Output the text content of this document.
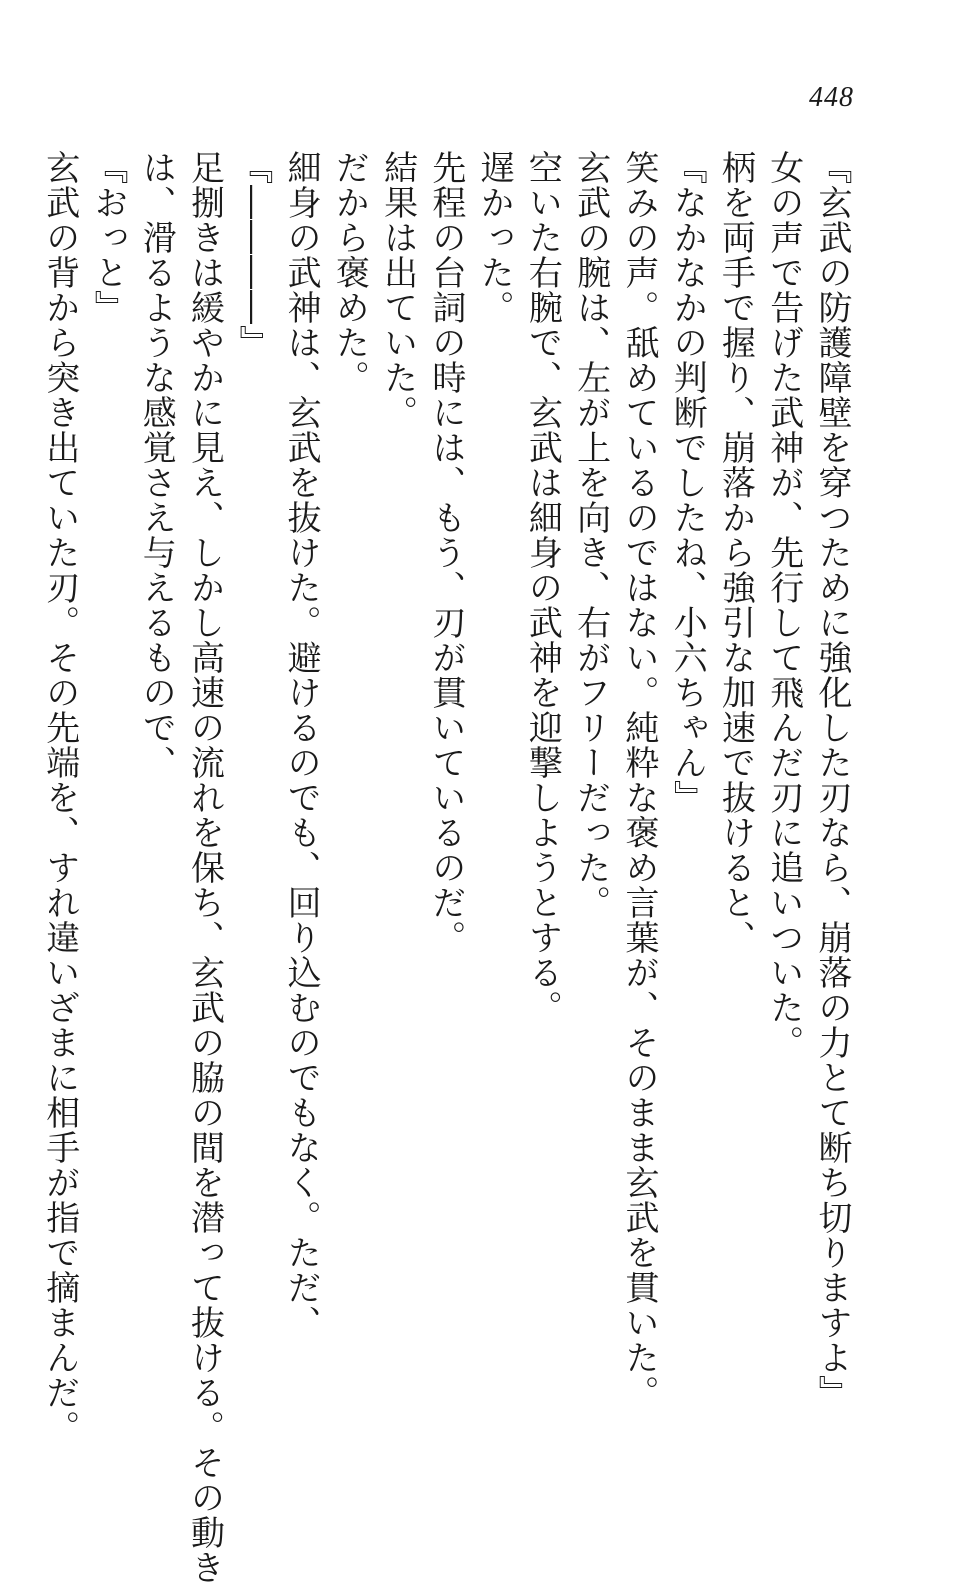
448
『玄武の防護障壁を穿つために強化した刃なら、崩落の力とて断ち切りますよ』
女の声で告げた武神が、先行して飛んだ刃に追いついた。
柄を両手で握り、崩落から強引な加速で抜けると、
『なかなかの判断でしたね、小六ちゃん』
笑みの声。舐めているのではない。純粋な褒め言葉が、そのまま玄武を貫いた。
玄武の腕は、左が上を向き、右がフリーだった。
空いた右腕で、玄武は細身の武神を迎撃しようとする。
遅かった。
先程の台詞の時には、もう、刃が貫いているのだ。
結果は出ていた。
だから褒めた。
細身の武神は、玄武を抜けた。避けるのでも、回り込むのでもなく。ただ、
『――――』
足捌きは緩やかに見え、しかし高速の流れを保ち、玄武の脇の間を潜って抜ける。その動き
は、滑るような感覚さえ与えるもので、
『おっと』
玄武の背から突き出ていた刃。その先端を、すれ違いざまに相手が指で摘まんだ。
